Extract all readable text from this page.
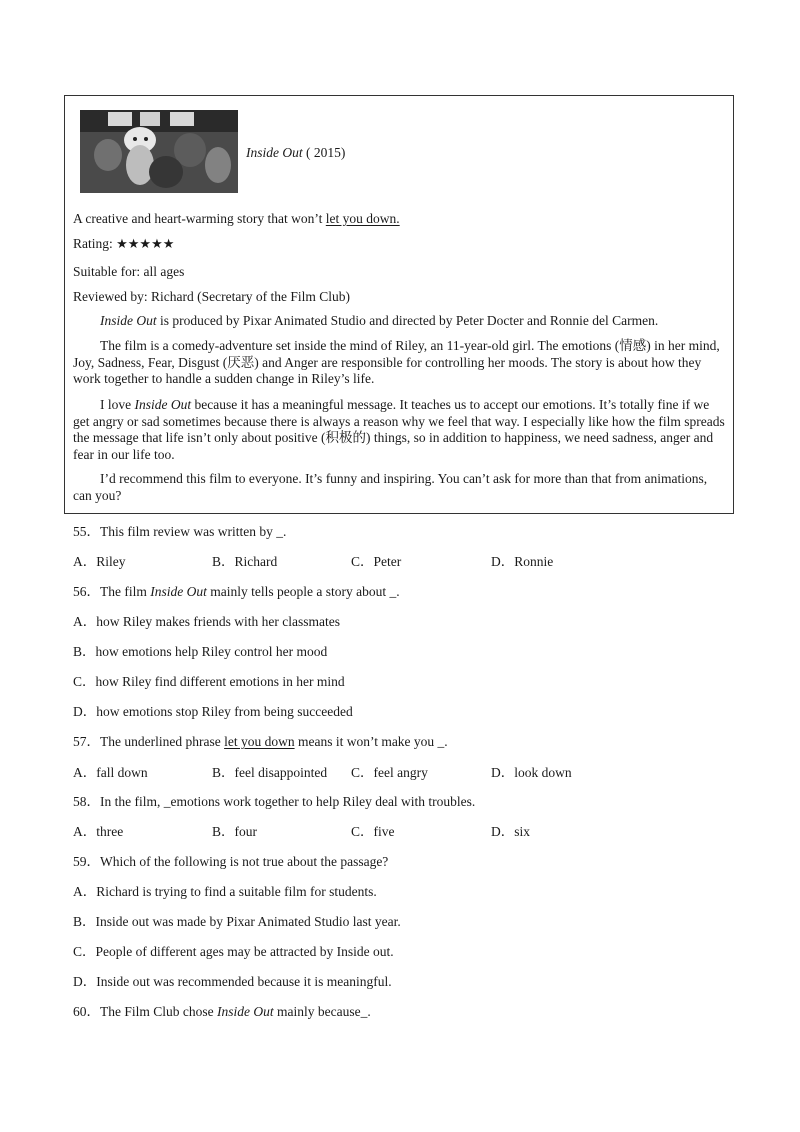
Inside Out ( 2015)
A creative and heart-warming story that won’t let you down.
Rating: ★★★★★
Suitable for: all ages
Reviewed by: Richard (Secretary of the Film Club)
Inside Out is produced by Pixar Animated Studio and directed by Peter Docter and Ronnie del Carmen.
The film is a comedy-adventure set inside the mind of Riley, an 11-year-old girl. The emotions (情感) in her mind, Joy, Sadness, Fear, Disgust (厌恶) and Anger are responsible for controlling her moods. The story is about how they work together to handle a sudden change in Riley’s life.
I love Inside Out because it has a meaningful message. It teaches us to accept our emotions. It’s totally fine if we get angry or sad sometimes because there is always a reason why we feel that way. I especially like how the film spreads the message that life isn’t only about positive (积极的) things, so in addition to happiness, we need sadness, anger and fear in our life too.
I’d recommend this film to everyone. It’s funny and inspiring. You can’t ask for more than that from animations, can you?
55．This film review was written by _.
A．Riley	B．Richard	C．Peter	D．Ronnie
56．The film Inside Out mainly tells people a story about _.
A．how Riley makes friends with her classmates
B．how emotions help Riley control her mood
C．how Riley find different emotions in her mind
D．how emotions stop Riley from being succeeded
57．The underlined phrase let you down means it won’t make you _.
A．fall down	B．feel disappointed C．feel angry	D．look down
58．In the film, _emotions work together to help Riley deal with troubles.
A．three	B．four	C．five	D．six
59．Which of the following is not true about the passage?
A．Richard is trying to find a suitable film for students.
B．Inside out was made by Pixar Animated Studio last year.
C．People of different ages may be attracted by Inside out.
D．Inside out was recommended because it is meaningful.
60．The Film Club chose Inside Out mainly because_.
